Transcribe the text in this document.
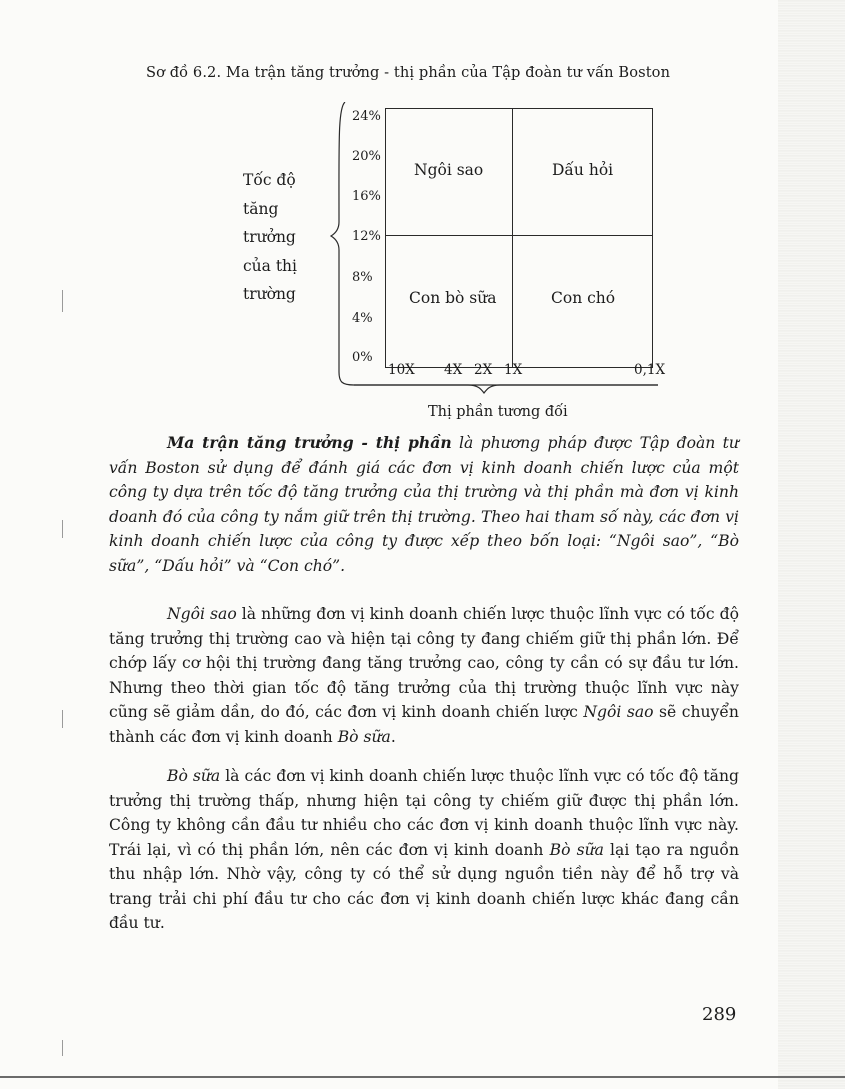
Sơ đồ 6.2. Ma trận tăng trưởng - thị phần của Tập đoàn tư vấn Boston
Tốc độ
tăng
trưởng
của thị
trường
24%
20%
16%
12%
8%
4%
0%
Ngôi sao	Dấu hỏi
Con bò sữa	Con chó
10X 4X 2X 1X	0,1X
Thị phần tương đối

Ma trận tăng trưởng - thị phần là phương pháp được Tập đoàn tư vấn Boston sử dụng để đánh giá các đơn vị kinh doanh chiến lược của một công ty dựa trên tốc độ tăng trưởng của thị trường và thị phần mà đơn vị kinh doanh đó của công ty nắm giữ trên thị trường. Theo hai tham số này, các đơn vị kinh doanh chiến lược của công ty được xếp theo bốn loại: “Ngôi sao”, “Bò sữa”, “Dấu hỏi” và “Con chó”.

Ngôi sao là những đơn vị kinh doanh chiến lược thuộc lĩnh vực có tốc độ tăng trưởng thị trường cao và hiện tại công ty đang chiếm giữ thị phần lớn. Để chớp lấy cơ hội thị trường đang tăng trưởng cao, công ty cần có sự đầu tư lớn. Nhưng theo thời gian tốc độ tăng trưởng của thị trường thuộc lĩnh vực này cũng sẽ giảm dần, do đó, các đơn vị kinh doanh chiến lược Ngôi sao sẽ chuyển thành các đơn vị kinh doanh Bò sữa.

Bò sữa là các đơn vị kinh doanh chiến lược thuộc lĩnh vực có tốc độ tăng trưởng thị trường thấp, nhưng hiện tại công ty chiếm giữ được thị phần lớn. Công ty không cần đầu tư nhiều cho các đơn vị kinh doanh thuộc lĩnh vực này. Trái lại, vì có thị phần lớn, nên các đơn vị kinh doanh Bò sữa lại tạo ra nguồn thu nhập lớn. Nhờ vậy, công ty có thể sử dụng nguồn tiền này để hỗ trợ và trang trải chi phí đầu tư cho các đơn vị kinh doanh chiến lược khác đang cần đầu tư.

289
